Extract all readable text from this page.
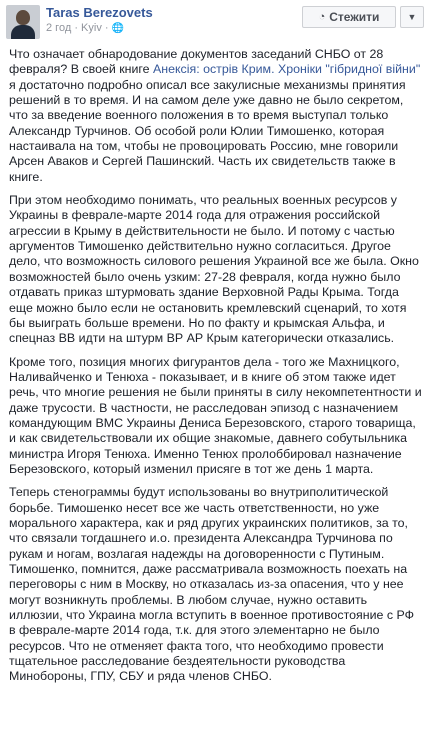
Taras Berezovets
2 год · Kyiv · 🌐
◔ Стежити	▼

Что означает обнародование документов заседаний СНБО от 28 февраля? В своей книге Анексія: острів Крим. Хроніки "гібридної війни" я достаточно подробно описал все закулисные механизмы принятия решений в то время. И на самом деле уже давно не было секретом, что за введение военного положения в то время выступал только Александр Турчинов. Об особой роли Юлии Тимошенко, которая настаивала на том, чтобы не провоцировать Россию, мне говорили Арсен Аваков и Сергей Пашинский. Часть их свидетельств также в книге.

При этом необходимо понимать, что реальных военных ресурсов у Украины в феврале-марте 2014 года для отражения российской агрессии в Крыму в действительности не было. И потому с частью аргументов Тимошенко действительно нужно согласиться. Другое дело, что возможность силового решения Украиной все же была. Окно возможностей было очень узким: 27-28 февраля, когда нужно было отдавать приказ штурмовать здание Верховной Рады Крыма. Тогда еще можно было если не остановить кремлевский сценарий, то хотя бы выиграть больше времени. Но по факту и крымская Альфа, и спецназ ВВ идти на штурм ВР АР Крым категорически отказались.

Кроме того, позиция многих фигурантов дела - того же Махницкого, Наливайченко и Тенюха - показывает, и в книге об этом также идет речь, что многие решения не были приняты в силу некомпетентности и даже трусости. В частности, не расследован эпизод с назначением командующим ВМС Украины Дениса Березовского, старого товарища, и как свидетельствовали их общие знакомые, давнего собутыльника министра Игоря Тенюха. Именно Тенюх пролоббировал назначение Березовского, который изменил присяге в тот же день 1 марта.

Теперь стенограммы будут использованы во внутриполитической борьбе. Тимошенко несет все же часть ответственности, но уже морального характера, как и ряд других украинских политиков, за то, что связали тогдашнего и.о. президента Александра Турчинова по рукам и ногам, возлагая надежды на договоренности с Путиным. Тимошенко, помнится, даже рассматривала возможность поехать на переговоры с ним в Москву, но отказалась из-за опасения, что у нее могут возникнуть проблемы. В любом случае, нужно оставить иллюзии, что Украина могла вступить в военное противостояние с РФ в феврале-марте 2014 года, т.к. для этого элементарно не было ресурсов. Что не отменяет факта того, что необходимо провести тщательное расследование бездеятельности руководства Минобороны, ГПУ, СБУ и ряда членов СНБО.
